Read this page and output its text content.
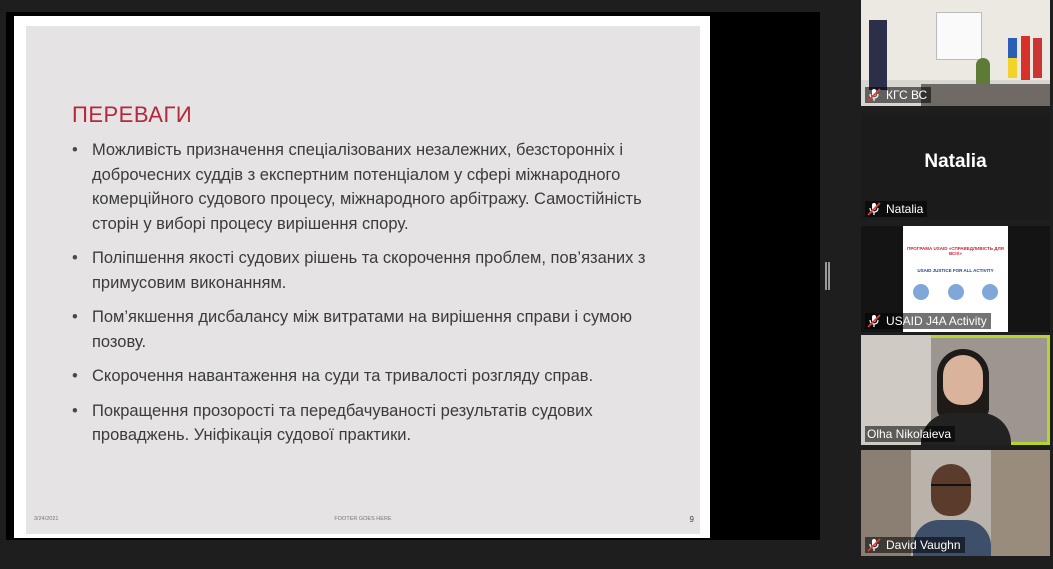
ПЕРЕВАГИ
• Можливість призначення спеціалізованих незалежних, безсторонніх і доброчесних суддів з експертним потенціалом у сфері міжнародного комерційного судового процесу, міжнародного арбітражу. Самостійність сторін у виборі процесу вирішення спору.
• Поліпшення якості судових рішень та скорочення проблем, пов’язаних з примусовим виконанням.
• Пом’якшення дисбалансу між витратами на вирішення справи і сумою позову.
• Скорочення навантаження на суди та тривалості розгляду справ.
• Покращення прозорості та передбачуваності результатів судових проваджень. Уніфікація судової практики.
3/24/2021	FOOTER GOES HERE	9
КГС ВС
Natalia
Natalia
ПРОГРАМА USAID «СПРАВЕДЛИВІСТЬ ДЛЯ ВСІХ»
USAID JUSTICE FOR ALL ACTIVITY
USAID J4A Activity
Olha Nikolaieva
David Vaughn
